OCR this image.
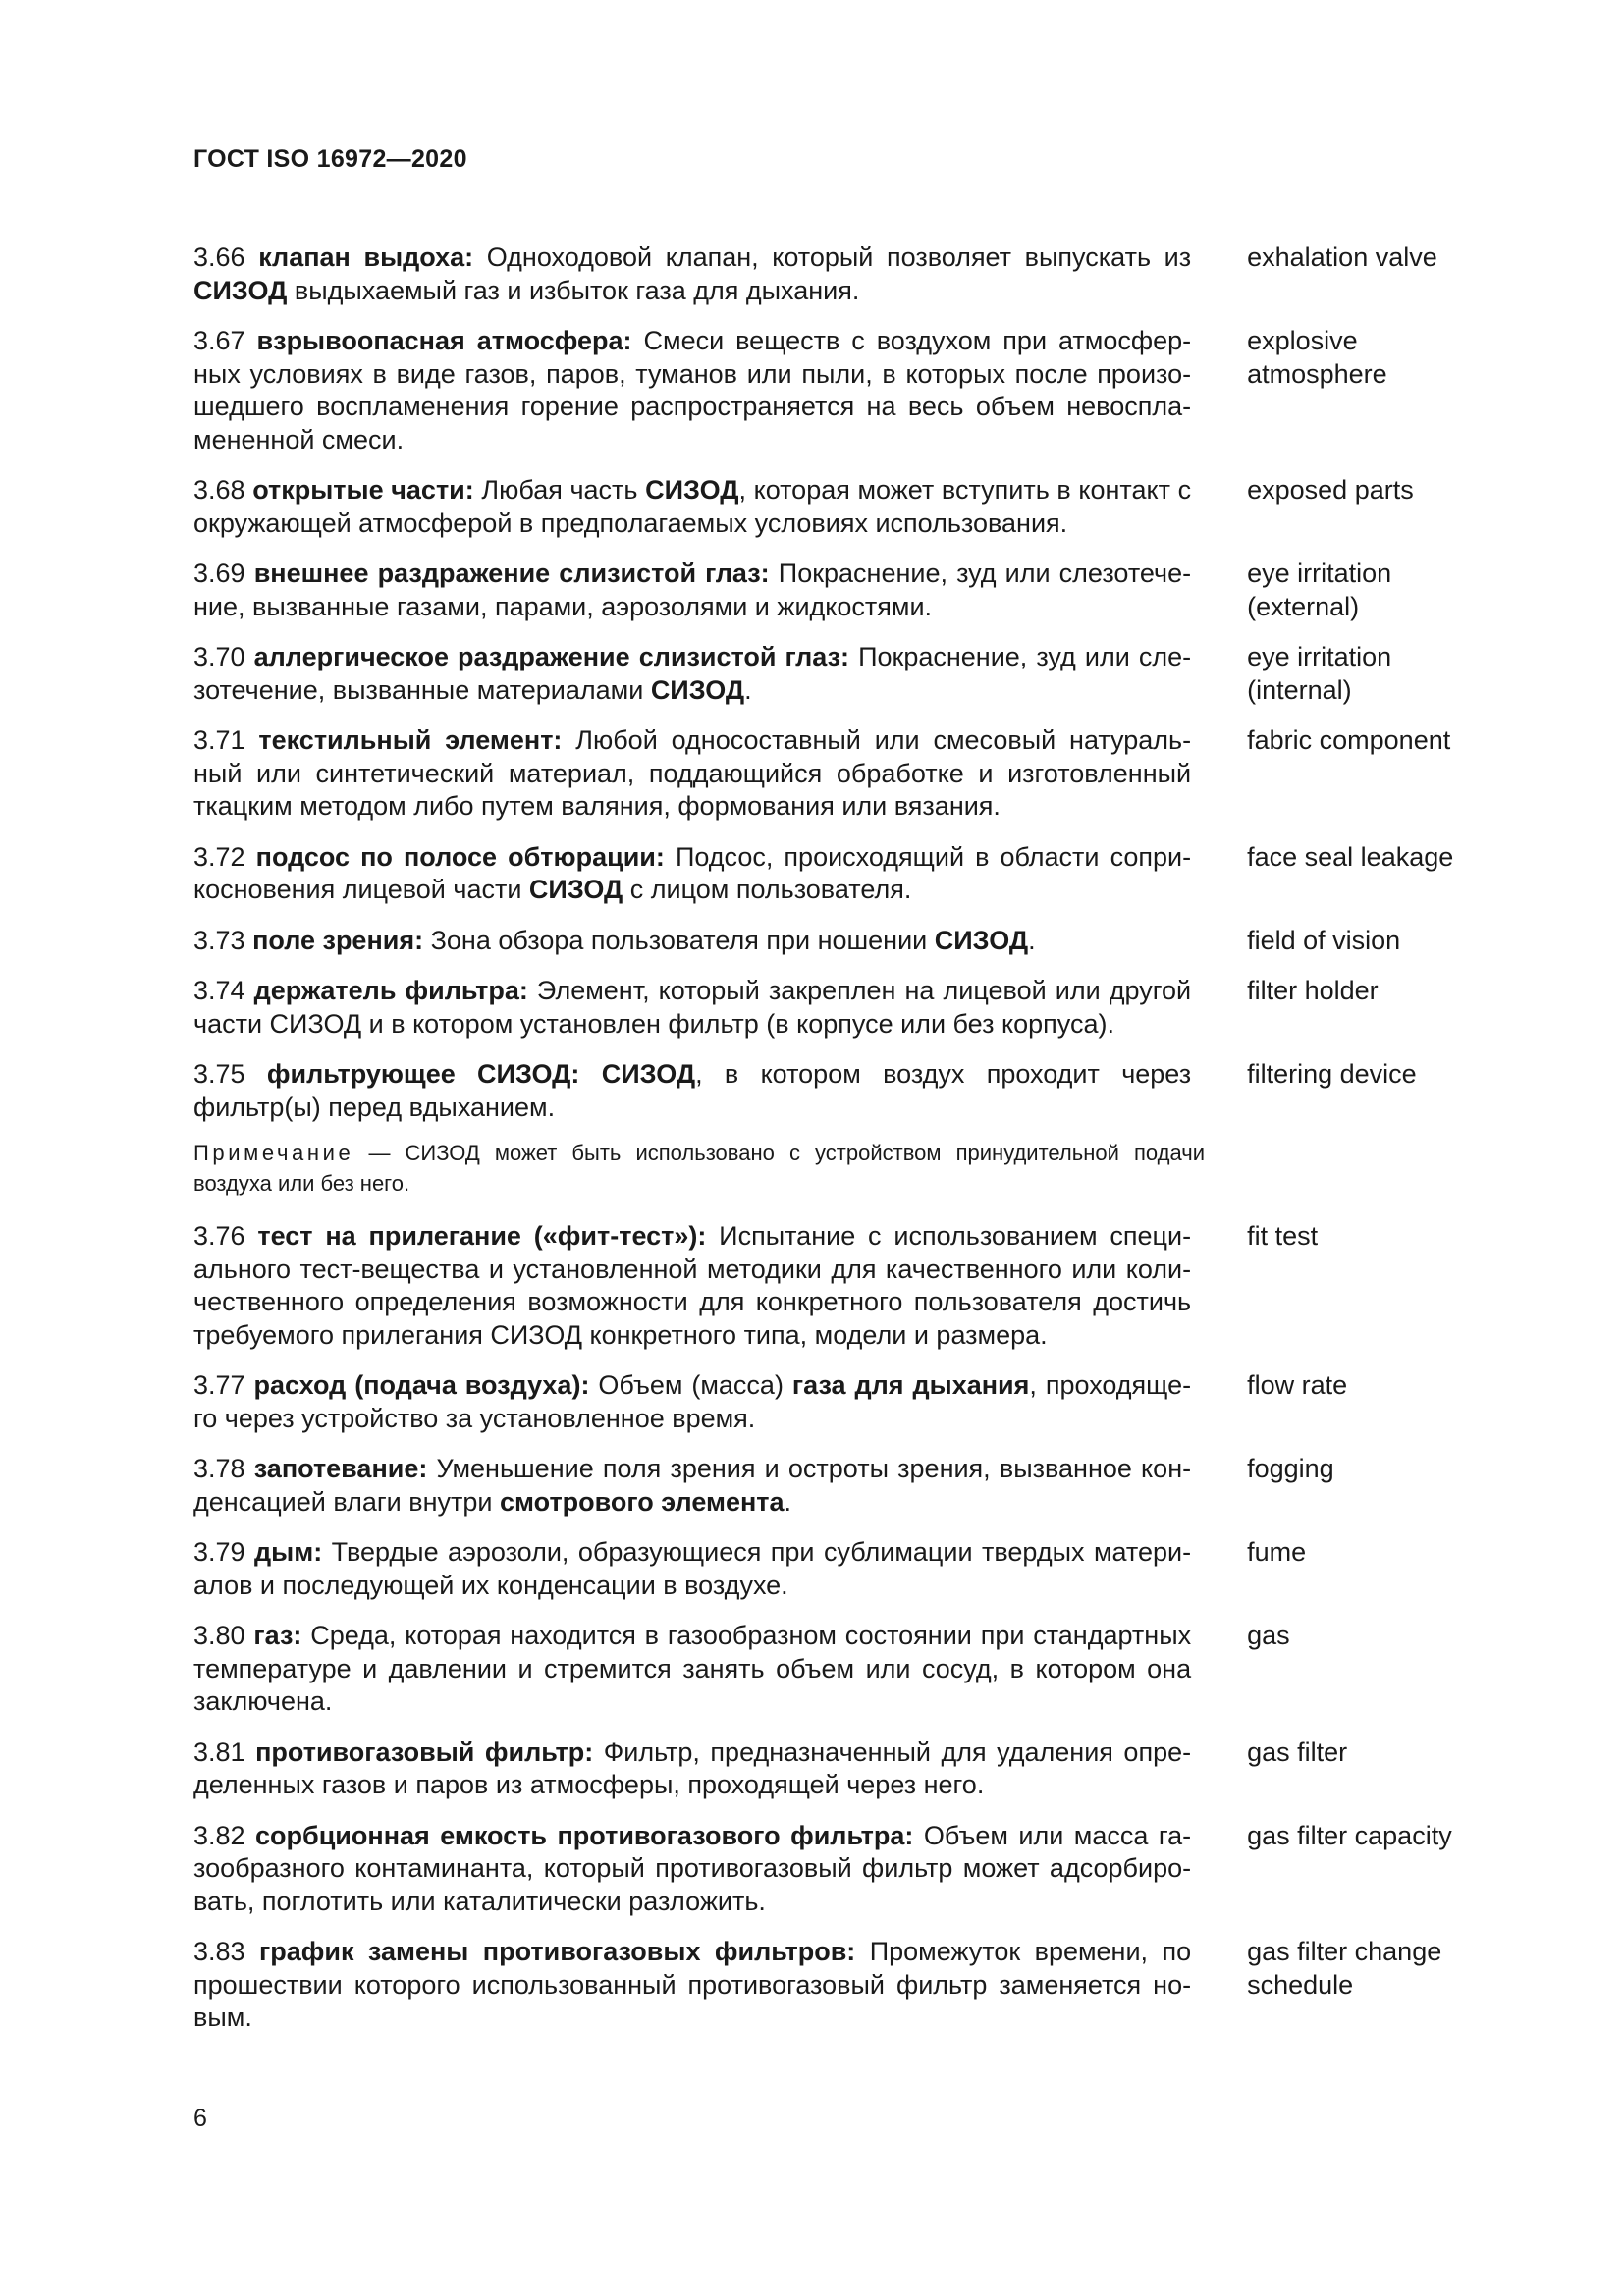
ГОСТ ISO 16972—2020
3.66 клапан выдоха: Одноходовой клапан, который позволяет выпускать из СИЗОД выдыхаемый газ и избыток газа для дыхания.
exhalation valve

3.67 взрывоопасная атмосфера: Смеси веществ с воздухом при атмосфер-ных условиях в виде газов, паров, туманов или пыли, в которых после произо-шедшего воспламенения горение распространяется на весь объем невоспла-мененной смеси.
explosive
atmosphere
3.68 открытые части: Любая часть СИЗОД, которая может вступить в контакт с окружающей атмосферой в предполагаемых условиях использования.
exposed parts

3.69 внешнее раздражение слизистой глаз: Покраснение, зуд или слезотече-ние, вызванные газами, парами, аэрозолями и жидкостями.
eye irritation
(external)
3.70 аллергическое раздражение слизистой глаз: Покраснение, зуд или сле-зотечение, вызванные материалами СИЗОД.
eye irritation
(internal)
3.71 текстильный элемент: Любой односоставный или смесовый натураль-ный или синтетический материал, поддающийся обработке и изготовленный ткацким методом либо путем валяния, формования или вязания.
fabric component

3.72 подсос по полосе обтюрации: Подсос, происходящий в области сопри-косновения лицевой части СИЗОД с лицом пользователя.
face seal leakage

3.73 поле зрения: Зона обзора пользователя при ношении СИЗОД.	field of vision

3.74 держатель фильтра: Элемент, который закреплен на лицевой или другой части СИЗОД и в котором установлен фильтр (в корпусе или без корпуса).
filter holder

3.75 фильтрующее СИЗОД: СИЗОД, в котором воздух проходит через фильтр(ы) перед вдыханием.
filtering device

Примечание — СИЗОД может быть использовано с устройством принудительной подачи воздуха или без него.
3.76 тест на прилегание («фит-тест»): Испытание с использованием специ-ального тест-вещества и установленной методики для качественного или коли-чественного определения возможности для конкретного пользователя достичь требуемого прилегания СИЗОД конкретного типа, модели и размера.
fit test

3.77 расход (подача воздуха): Объем (масса) газа для дыхания, проходяще-го через устройство за установленное время.
flow rate

3.78 запотевание: Уменьшение поля зрения и остроты зрения, вызванное кон-денсацией влаги внутри смотрового элемента.
fogging

3.79 дым: Твердые аэрозоли, образующиеся при сублимации твердых матери-алов и последующей их конденсации в воздухе.
fume

3.80 газ: Среда, которая находится в газообразном состоянии при стандартных температуре и давлении и стремится занять объем или сосуд, в котором она заключена.
gas

3.81 противогазовый фильтр: Фильтр, предназначенный для удаления опре-деленных газов и паров из атмосферы, проходящей через него.
gas filter

3.82 сорбционная емкость противогазового фильтра: Объем или масса га-зообразного контаминанта, который противогазовый фильтр может адсорбиро-вать, поглотить или каталитически разложить.
gas filter capacity

3.83 график замены противогазовых фильтров: Промежуток времени, по прошествии которого использованный противогазовый фильтр заменяется но-вым.
gas filter change
schedule
6
